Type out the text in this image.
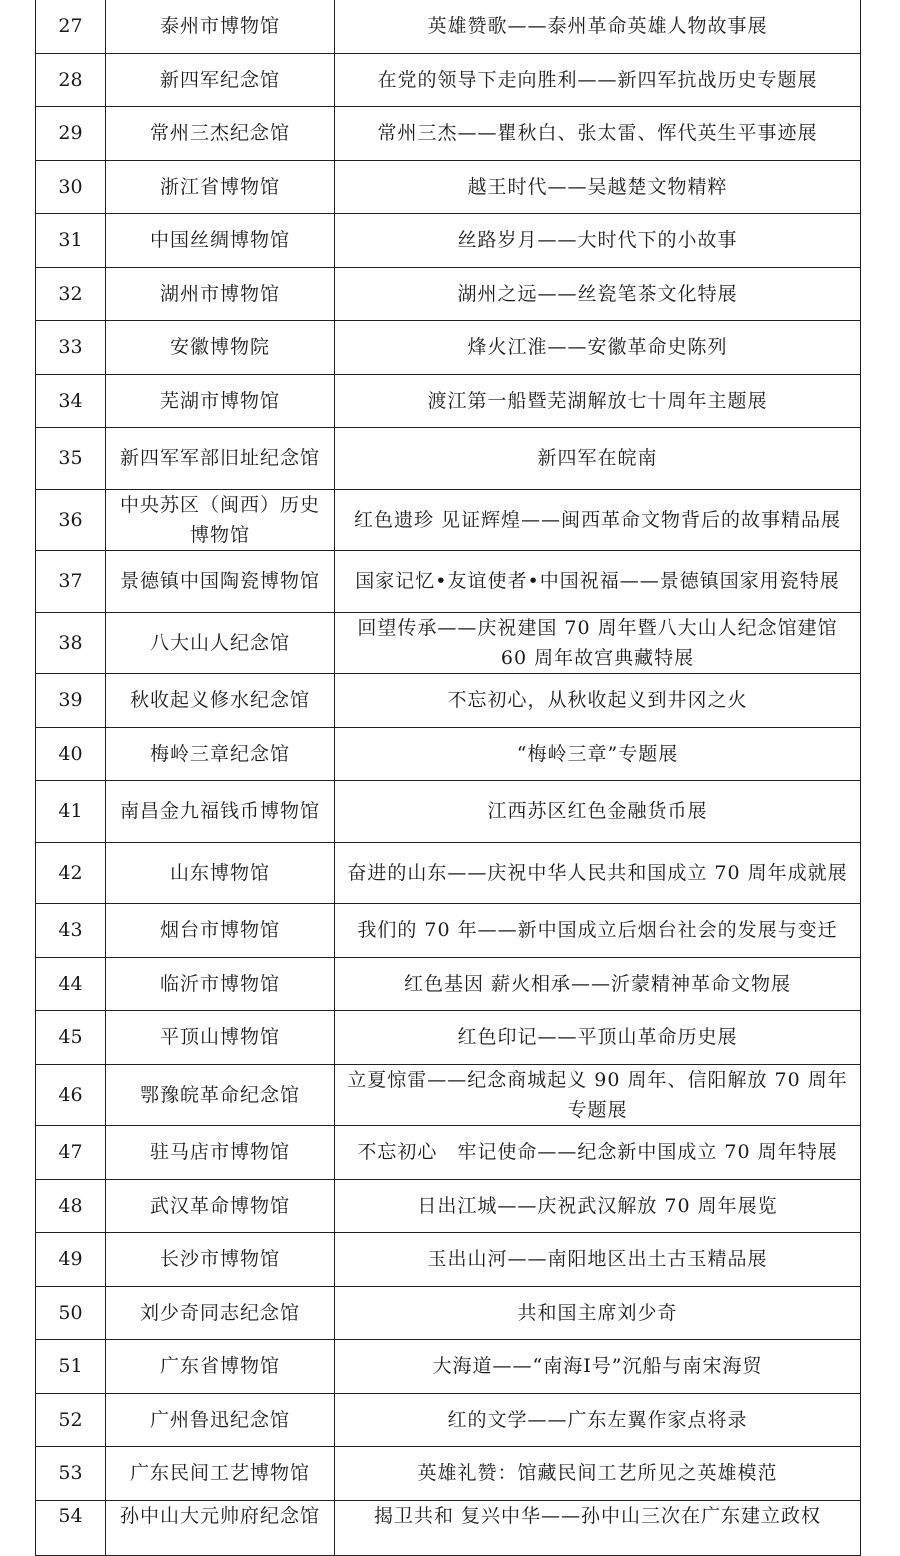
27	泰州市博物馆	英雄赞歌——泰州革命英雄人物故事展
28	新四军纪念馆	在党的领导下走向胜利——新四军抗战历史专题展
29	常州三杰纪念馆	常州三杰——瞿秋白、张太雷、恽代英生平事迹展
30	浙江省博物馆	越王时代——吴越楚文物精粹
31	中国丝绸博物馆	丝路岁月——大时代下的小故事
32	湖州市博物馆	湖州之远——丝瓷笔茶文化特展
33	安徽博物院	烽火江淮——安徽革命史陈列
34	芜湖市博物馆	渡江第一船暨芜湖解放七十周年主题展
35	新四军军部旧址纪念馆	新四军在皖南
36	中央苏区（闽西）历史博物馆	红色遗珍 见证辉煌——闽西革命文物背后的故事精品展
37	景德镇中国陶瓷博物馆	国家记忆•友谊使者•中国祝福——景德镇国家用瓷特展
38	八大山人纪念馆	回望传承——庆祝建国 70 周年暨八大山人纪念馆建馆 60 周年故宫典藏特展
39	秋收起义修水纪念馆	不忘初心，从秋收起义到井冈之火
40	梅岭三章纪念馆	“梅岭三章”专题展
41	南昌金九福钱币博物馆	江西苏区红色金融货币展
42	山东博物馆	奋进的山东——庆祝中华人民共和国成立 70 周年成就展
43	烟台市博物馆	我们的 70 年——新中国成立后烟台社会的发展与变迁
44	临沂市博物馆	红色基因 薪火相承——沂蒙精神革命文物展
45	平顶山博物馆	红色印记——平顶山革命历史展
46	鄂豫皖革命纪念馆	立夏惊雷——纪念商城起义 90 周年、信阳解放 70 周年专题展
47	驻马店市博物馆	不忘初心　牢记使命——纪念新中国成立 70 周年特展
48	武汉革命博物馆	日出江城——庆祝武汉解放 70 周年展览
49	长沙市博物馆	玉出山河——南阳地区出土古玉精品展
50	刘少奇同志纪念馆	共和国主席刘少奇
51	广东省博物馆	大海道——“南海Ⅰ号”沉船与南宋海贸
52	广州鲁迅纪念馆	红的文学——广东左翼作家点将录
53	广东民间工艺博物馆	英雄礼赞：馆藏民间工艺所见之英雄模范
54	孙中山大元帅府纪念馆	揭卫共和 复兴中华——孙中山三次在广东建立政权
